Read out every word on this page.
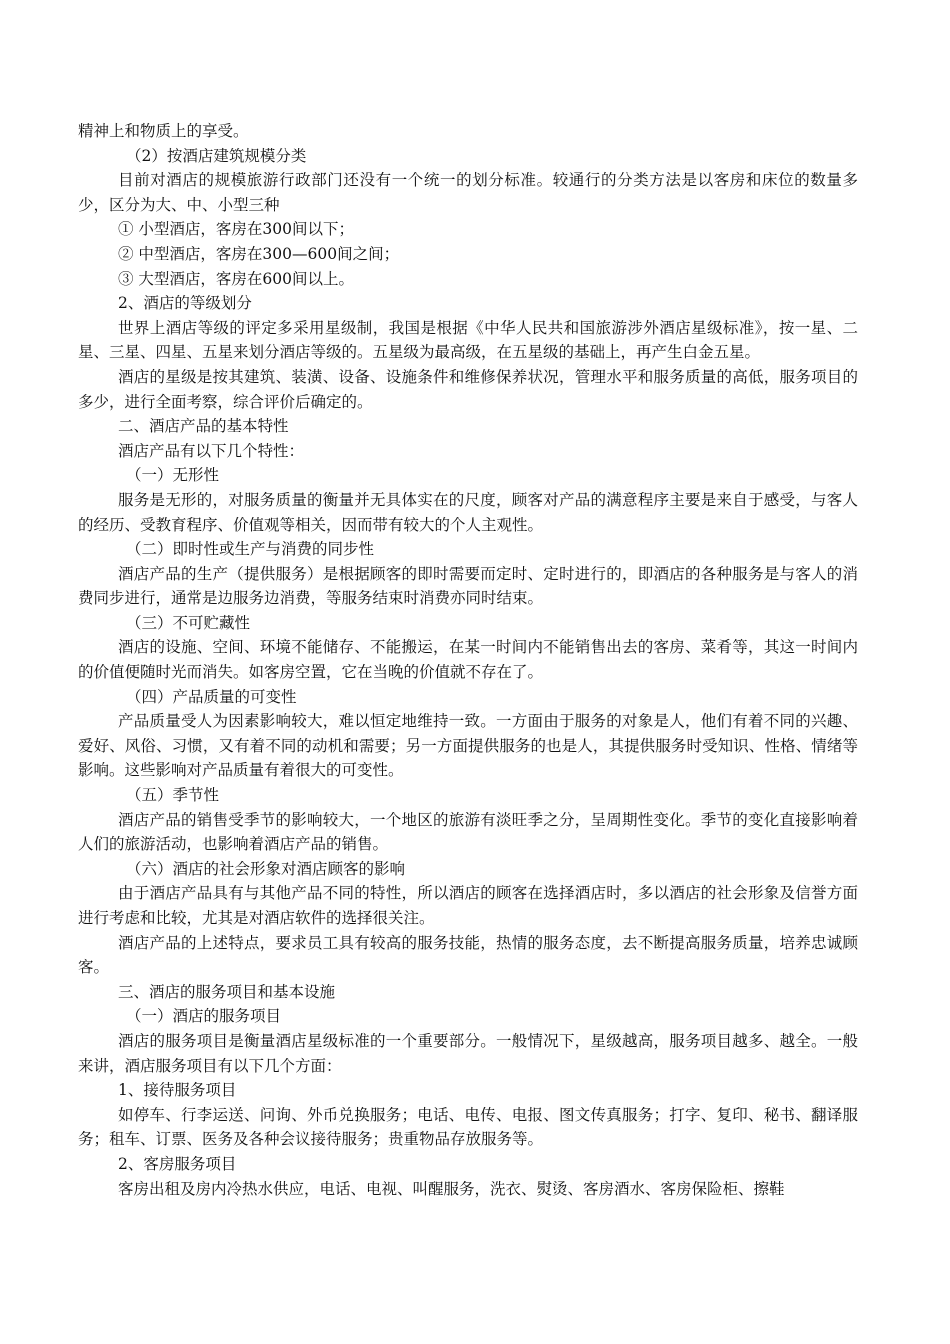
精神上和物质上的享受。

（2）按酒店建筑规模分类

目前对酒店的规模旅游行政部门还没有一个统一的划分标准。较通行的分类方法是以客房和床位的数量多少，区分为大、中、小型三种

① 小型酒店，客房在300间以下；

② 中型酒店，客房在300—600间之间；

③ 大型酒店，客房在600间以上。

2、酒店的等级划分

世界上酒店等级的评定多采用星级制，我国是根据《中华人民共和国旅游涉外酒店星级标准》，按一星、二星、三星、四星、五星来划分酒店等级的。五星级为最高级，在五星级的基础上，再产生白金五星。

酒店的星级是按其建筑、装潢、设备、设施条件和维修保养状况，管理水平和服务质量的高低，服务项目的多少，进行全面考察，综合评价后确定的。

二、酒店产品的基本特性

酒店产品有以下几个特性：

（一）无形性

服务是无形的，对服务质量的衡量并无具体实在的尺度，顾客对产品的满意程序主要是来自于感受，与客人的经历、受教育程序、价值观等相关，因而带有较大的个人主观性。

（二）即时性或生产与消费的同步性

酒店产品的生产（提供服务）是根据顾客的即时需要而定时、定时进行的，即酒店的各种服务是与客人的消费同步进行，通常是边服务边消费，等服务结束时消费亦同时结束。

（三）不可贮藏性

酒店的设施、空间、环境不能储存、不能搬运，在某一时间内不能销售出去的客房、菜肴等，其这一时间内的价值便随时光而消失。如客房空置，它在当晚的价值就不存在了。

（四）产品质量的可变性

产品质量受人为因素影响较大，难以恒定地维持一致。一方面由于服务的对象是人，他们有着不同的兴趣、爱好、风俗、习惯，又有着不同的动机和需要；另一方面提供服务的也是人，其提供服务时受知识、性格、情绪等影响。这些影响对产品质量有着很大的可变性。

（五）季节性

酒店产品的销售受季节的影响较大，一个地区的旅游有淡旺季之分，呈周期性变化。季节的变化直接影响着人们的旅游活动，也影响着酒店产品的销售。

（六）酒店的社会形象对酒店顾客的影响

由于酒店产品具有与其他产品不同的特性，所以酒店的顾客在选择酒店时，多以酒店的社会形象及信誉方面进行考虑和比较，尤其是对酒店软件的选择很关注。

酒店产品的上述特点，要求员工具有较高的服务技能，热情的服务态度，去不断提高服务质量，培养忠诚顾客。

三、酒店的服务项目和基本设施

（一）酒店的服务项目

酒店的服务项目是衡量酒店星级标准的一个重要部分。一般情况下，星级越高，服务项目越多、越全。一般来讲，酒店服务项目有以下几个方面：

1、接待服务项目

如停车、行李运送、问询、外币兑换服务；电话、电传、电报、图文传真服务；打字、复印、秘书、翻译服务；租车、订票、医务及各种会议接待服务；贵重物品存放服务等。

2、客房服务项目

客房出租及房内冷热水供应，电话、电视、叫醒服务，洗衣、熨烫、客房酒水、客房保险柜、擦鞋
